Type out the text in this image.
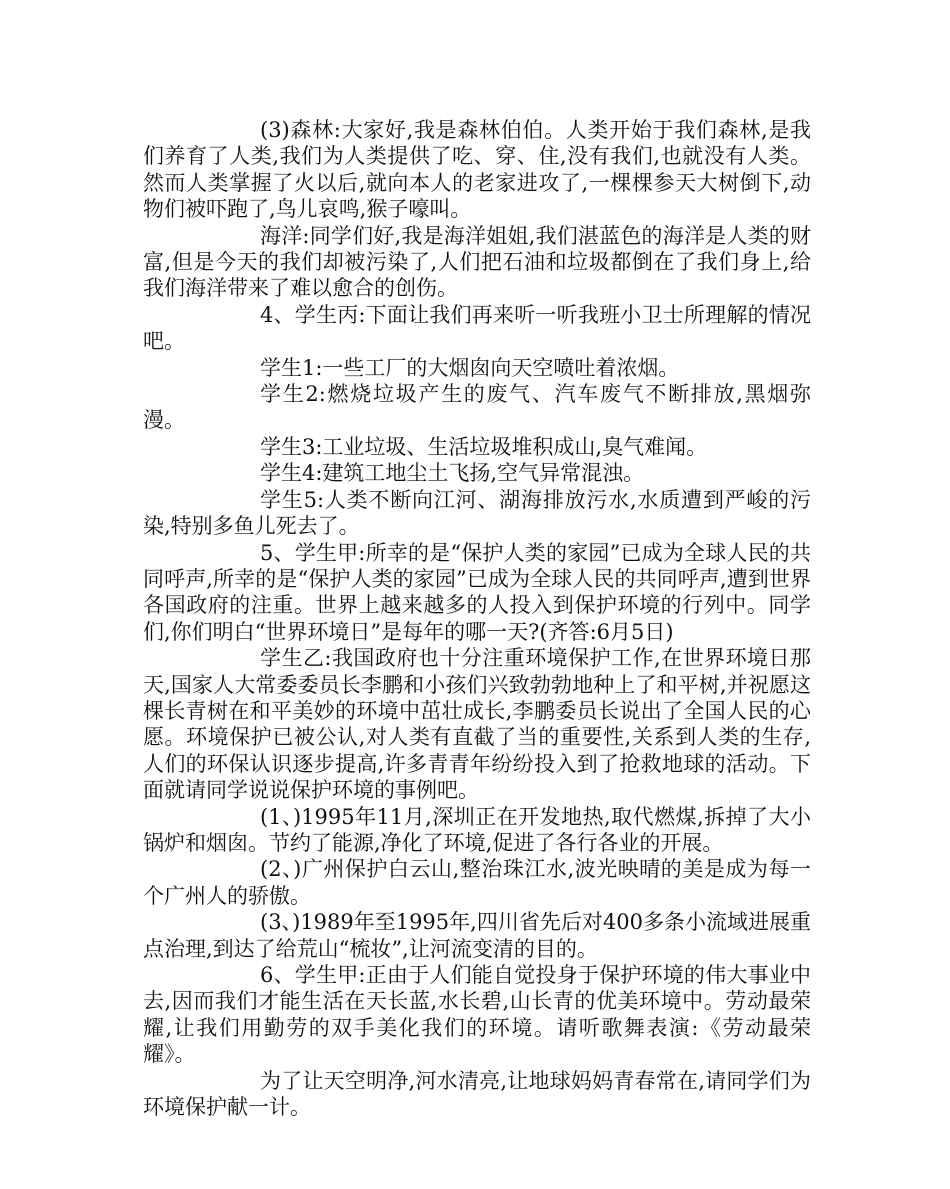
(3)森林:大家好,我是森林伯伯。人类开始于我们森林,是我们养育了人类,我们为人类提供了吃、穿、住,没有我们,也就没有人类。然而人类掌握了火以后,就向本人的老家进攻了,一棵棵参天大树倒下,动物们被吓跑了,鸟儿哀鸣,猴子嚎叫。

海洋:同学们好,我是海洋姐姐,我们湛蓝色的海洋是人类的财富,但是今天的我们却被污染了,人们把石油和垃圾都倒在了我们身上,给我们海洋带来了难以愈合的创伤。

4、学生丙:下面让我们再来听一听我班小卫士所理解的情况吧。

学生1:一些工厂的大烟囱向天空喷吐着浓烟。

学生2:燃烧垃圾产生的废气、汽车废气不断排放,黑烟弥漫。

学生3:工业垃圾、生活垃圾堆积成山,臭气难闻。

学生4:建筑工地尘土飞扬,空气异常混浊。

学生5:人类不断向江河、湖海排放污水,水质遭到严峻的污染,特别多鱼儿死去了。

5、学生甲:所幸的是“保护人类的家园”已成为全球人民的共同呼声,所幸的是“保护人类的家园”已成为全球人民的共同呼声,遭到世界各国政府的注重。世界上越来越多的人投入到保护环境的行列中。同学们,你们明白“世界环境日”是每年的哪一天?(齐答:6月5日)

学生乙:我国政府也十分注重环境保护工作,在世界环境日那天,国家人大常委委员长李鹏和小孩们兴致勃勃地种上了和平树,并祝愿这棵长青树在和平美妙的环境中茁壮成长,李鹏委员长说出了全国人民的心愿。环境保护已被公认,对人类有直截了当的重要性,关系到人类的生存,人们的环保认识逐步提高,许多青青年纷纷投入到了抢救地球的活动。下面就请同学说说保护环境的事例吧。

(1、)1995年11月,深圳正在开发地热,取代燃煤,拆掉了大小锅炉和烟囱。节约了能源,净化了环境,促进了各行各业的开展。

(2、)广州保护白云山,整治珠江水,波光映晴的美是成为每一个广州人的骄傲。

(3、)1989年至1995年,四川省先后对400多条小流域进展重点治理,到达了给荒山“梳妆”,让河流变清的目的。

6、学生甲:正由于人们能自觉投身于保护环境的伟大事业中去,因而我们才能生活在天长蓝,水长碧,山长青的优美环境中。劳动最荣耀,让我们用勤劳的双手美化我们的环境。请听歌舞表演:《劳动最荣耀》。

为了让天空明净,河水清亮,让地球妈妈青春常在,请同学们为环境保护献一计。
